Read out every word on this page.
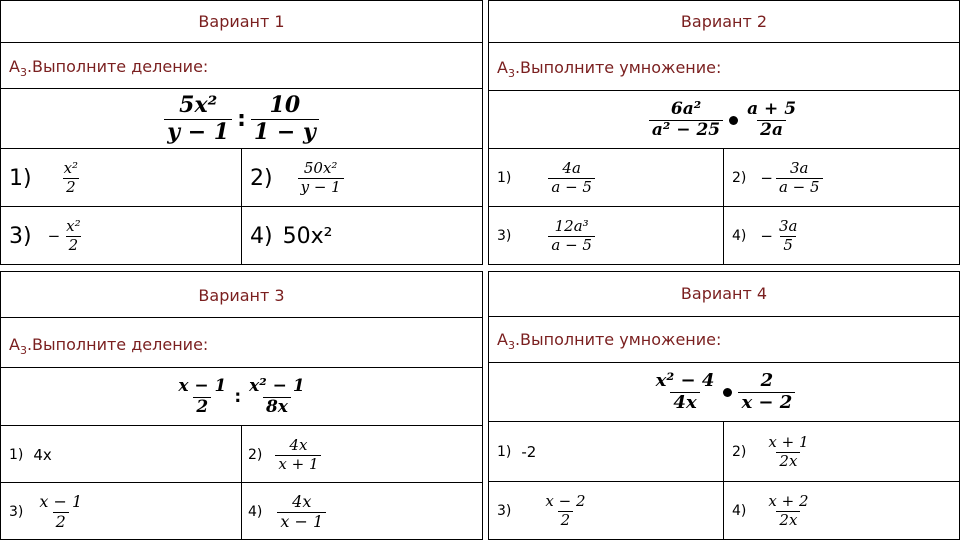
Вариант 1
$А_3.Выполните$ деление:
$\frac{\text{5x²}}{y - 1}$ : $\frac{10}{1 - y}$
$1) \frac{\text{x²}}{2}$	$2) \frac{\text{50x²}}{y - 1}$
$3) - \frac{\text{x²}}{2}$	4) 50x²
Вариант 2
$А_3.Выполните$ умножение:
$\frac{\text{6a²}}{\text{a² − 25}} \frac{a + 5}{2a}$
$1) \frac{4a}{a - 5}$	$2) - \frac{3a}{a - 5}$
$3) \frac{\text{12a³}}{a - 5}$	$4) - \frac{3a}{5}$
Вариант 3
$А_3.Выполните$ деление:
$\frac{x - 1}{2}$ : $\frac{\text{x² − 1}}{8x}$
1) 4x	$2) \frac{4x}{x + 1}$
$3) \frac{x - 1}{2}$	$4) \frac{4x}{x - 1}$
Вариант 4
$А_3.Выполните$ умножение:
$\frac{\text{x² − 4}}{4x} \frac{2}{x - 2}$
1) -2	$2) \frac{x + 1}{2x}$
$3) \frac{x - 2}{2}$	$4) \frac{x + 2}{2x}$
